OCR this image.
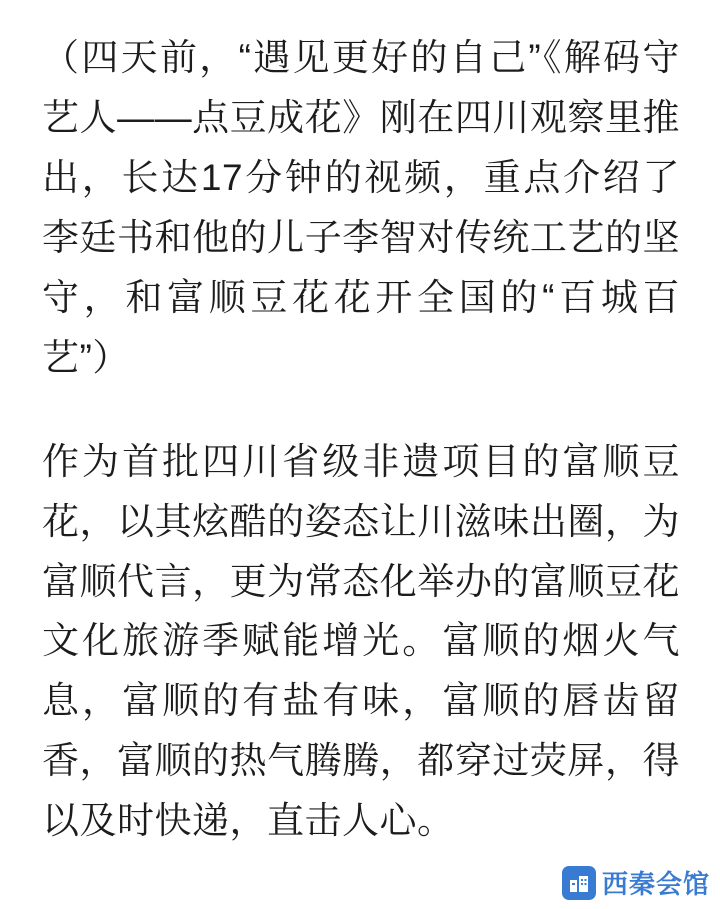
（四天前，“遇见更好的自己”《解码守艺人——点豆成花》刚在四川观察里推出，长达17分钟的视频，重点介绍了李廷书和他的儿子李智对传统工艺的坚守，和富顺豆花花开全国的“百城百艺”）

作为首批四川省级非遗项目的富顺豆花，以其炫酷的姿态让川滋味出圈，为富顺代言，更为常态化举办的富顺豆花文化旅游季赋能增光。富顺的烟火气息，富顺的有盐有味，富顺的唇齿留香，富顺的热气腾腾，都穿过荧屏，得以及时快递，直击人心。

西秦会馆
